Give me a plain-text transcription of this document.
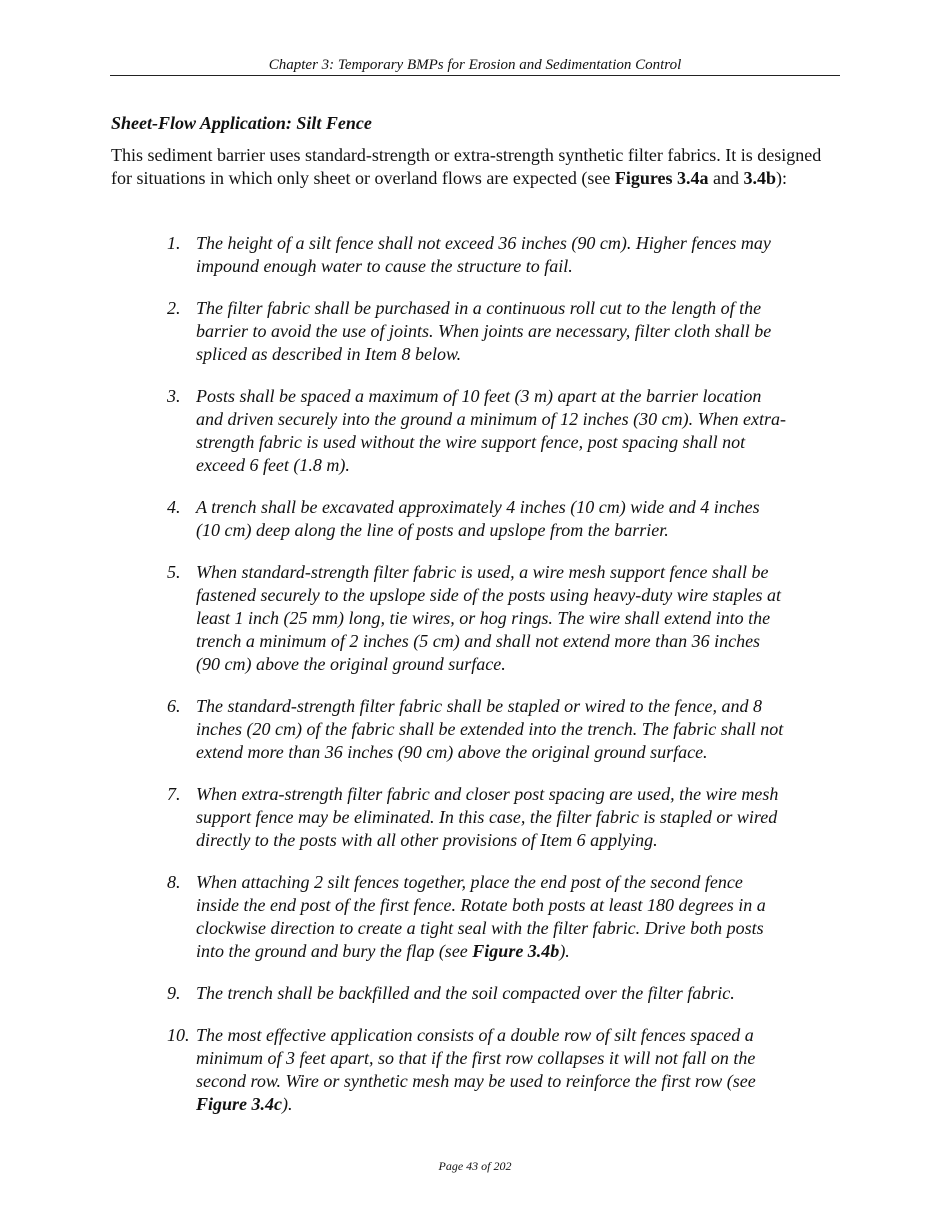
Chapter 3: Temporary BMPs for Erosion and Sedimentation Control
Sheet-Flow Application: Silt Fence

This sediment barrier uses standard-strength or extra-strength synthetic filter fabrics. It is designed for situations in which only sheet or overland flows are expected (see Figures 3.4a and 3.4b):

1. The height of a silt fence shall not exceed 36 inches (90 cm). Higher fences may impound enough water to cause the structure to fail.
2. The filter fabric shall be purchased in a continuous roll cut to the length of the barrier to avoid the use of joints. When joints are necessary, filter cloth shall be spliced as described in Item 8 below.
3. Posts shall be spaced a maximum of 10 feet (3 m) apart at the barrier location and driven securely into the ground a minimum of 12 inches (30 cm). When extra-strength fabric is used without the wire support fence, post spacing shall not exceed 6 feet (1.8 m).
4. A trench shall be excavated approximately 4 inches (10 cm) wide and 4 inches (10 cm) deep along the line of posts and upslope from the barrier.
5. When standard-strength filter fabric is used, a wire mesh support fence shall be fastened securely to the upslope side of the posts using heavy-duty wire staples at least 1 inch (25 mm) long, tie wires, or hog rings. The wire shall extend into the trench a minimum of 2 inches (5 cm) and shall not extend more than 36 inches (90 cm) above the original ground surface.
6. The standard-strength filter fabric shall be stapled or wired to the fence, and 8 inches (20 cm) of the fabric shall be extended into the trench. The fabric shall not extend more than 36 inches (90 cm) above the original ground surface.
7. When extra-strength filter fabric and closer post spacing are used, the wire mesh support fence may be eliminated. In this case, the filter fabric is stapled or wired directly to the posts with all other provisions of Item 6 applying.
8. When attaching 2 silt fences together, place the end post of the second fence inside the end post of the first fence. Rotate both posts at least 180 degrees in a clockwise direction to create a tight seal with the filter fabric. Drive both posts into the ground and bury the flap (see Figure 3.4b).
9. The trench shall be backfilled and the soil compacted over the filter fabric.
10. The most effective application consists of a double row of silt fences spaced a minimum of 3 feet apart, so that if the first row collapses it will not fall on the second row. Wire or synthetic mesh may be used to reinforce the first row (see Figure 3.4c).
Page 43 of 202
